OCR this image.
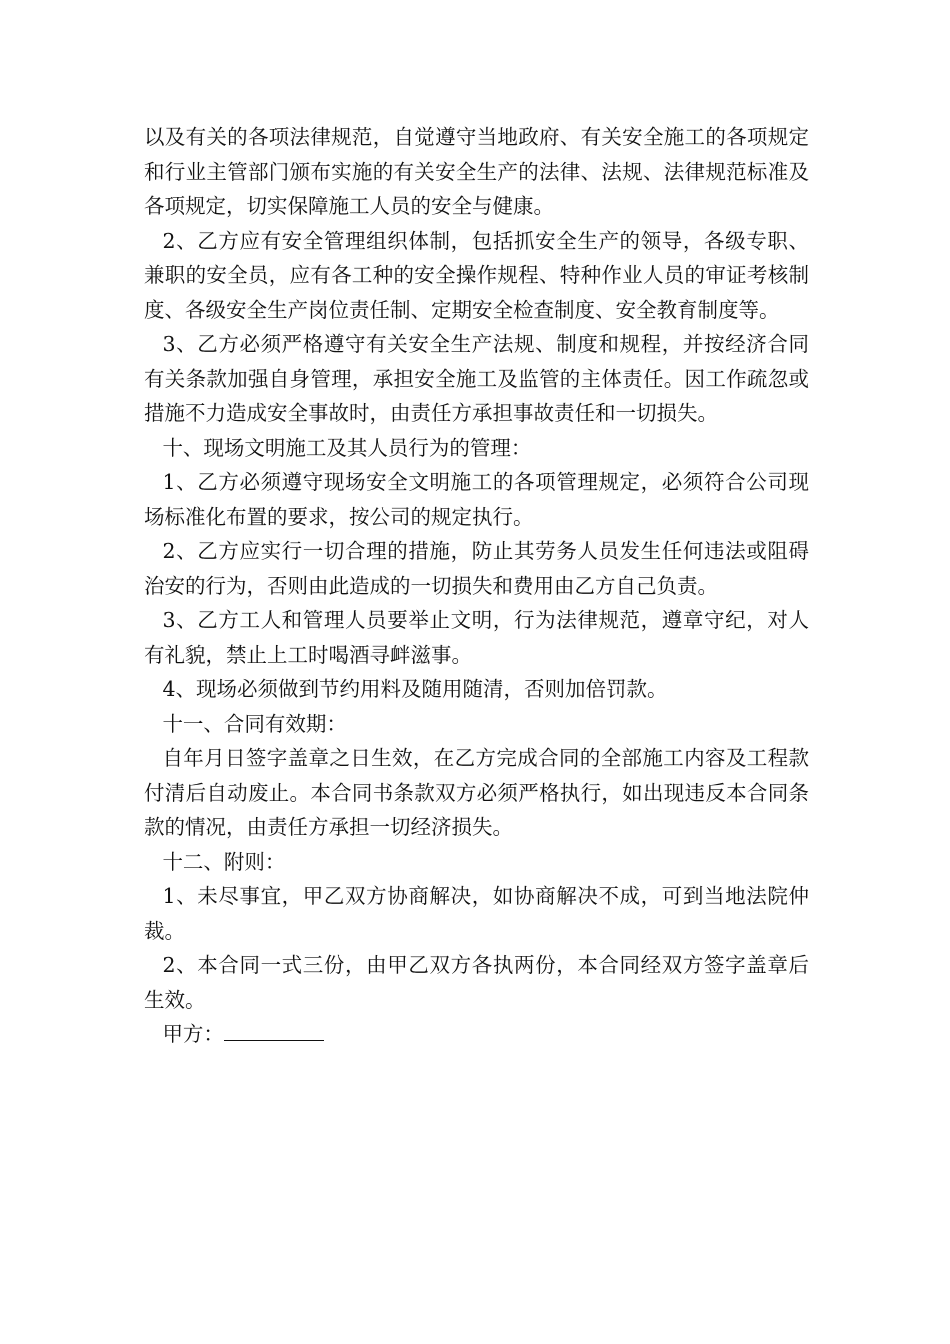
以及有关的各项法律规范，自觉遵守当地政府、有关安全施工的各项规定和行业主管部门颁布实施的有关安全生产的法律、法规、法律规范标准及各项规定，切实保障施工人员的安全与健康。

2、乙方应有安全管理组织体制，包括抓安全生产的领导，各级专职、兼职的安全员，应有各工种的安全操作规程、特种作业人员的审证考核制度、各级安全生产岗位责任制、定期安全检查制度、安全教育制度等。

3、乙方必须严格遵守有关安全生产法规、制度和规程，并按经济合同有关条款加强自身管理，承担安全施工及监管的主体责任。因工作疏忽或措施不力造成安全事故时，由责任方承担事故责任和一切损失。

十、现场文明施工及其人员行为的管理：

1、乙方必须遵守现场安全文明施工的各项管理规定，必须符合公司现场标准化布置的要求，按公司的规定执行。

2、乙方应实行一切合理的措施，防止其劳务人员发生任何违法或阻碍治安的行为，否则由此造成的一切损失和费用由乙方自己负责。

3、乙方工人和管理人员要举止文明，行为法律规范，遵章守纪，对人有礼貌，禁止上工时喝酒寻衅滋事。

4、现场必须做到节约用料及随用随清，否则加倍罚款。

十一、合同有效期：

自年月日签字盖章之日生效，在乙方完成合同的全部施工内容及工程款付清后自动废止。本合同书条款双方必须严格执行，如出现违反本合同条款的情况，由责任方承担一切经济损失。

十二、附则：

1、未尽事宜，甲乙双方协商解决，如协商解决不成，可到当地法院仲裁。

2、本合同一式三份，由甲乙双方各执两份，本合同经双方签字盖章后生效。

甲方：
